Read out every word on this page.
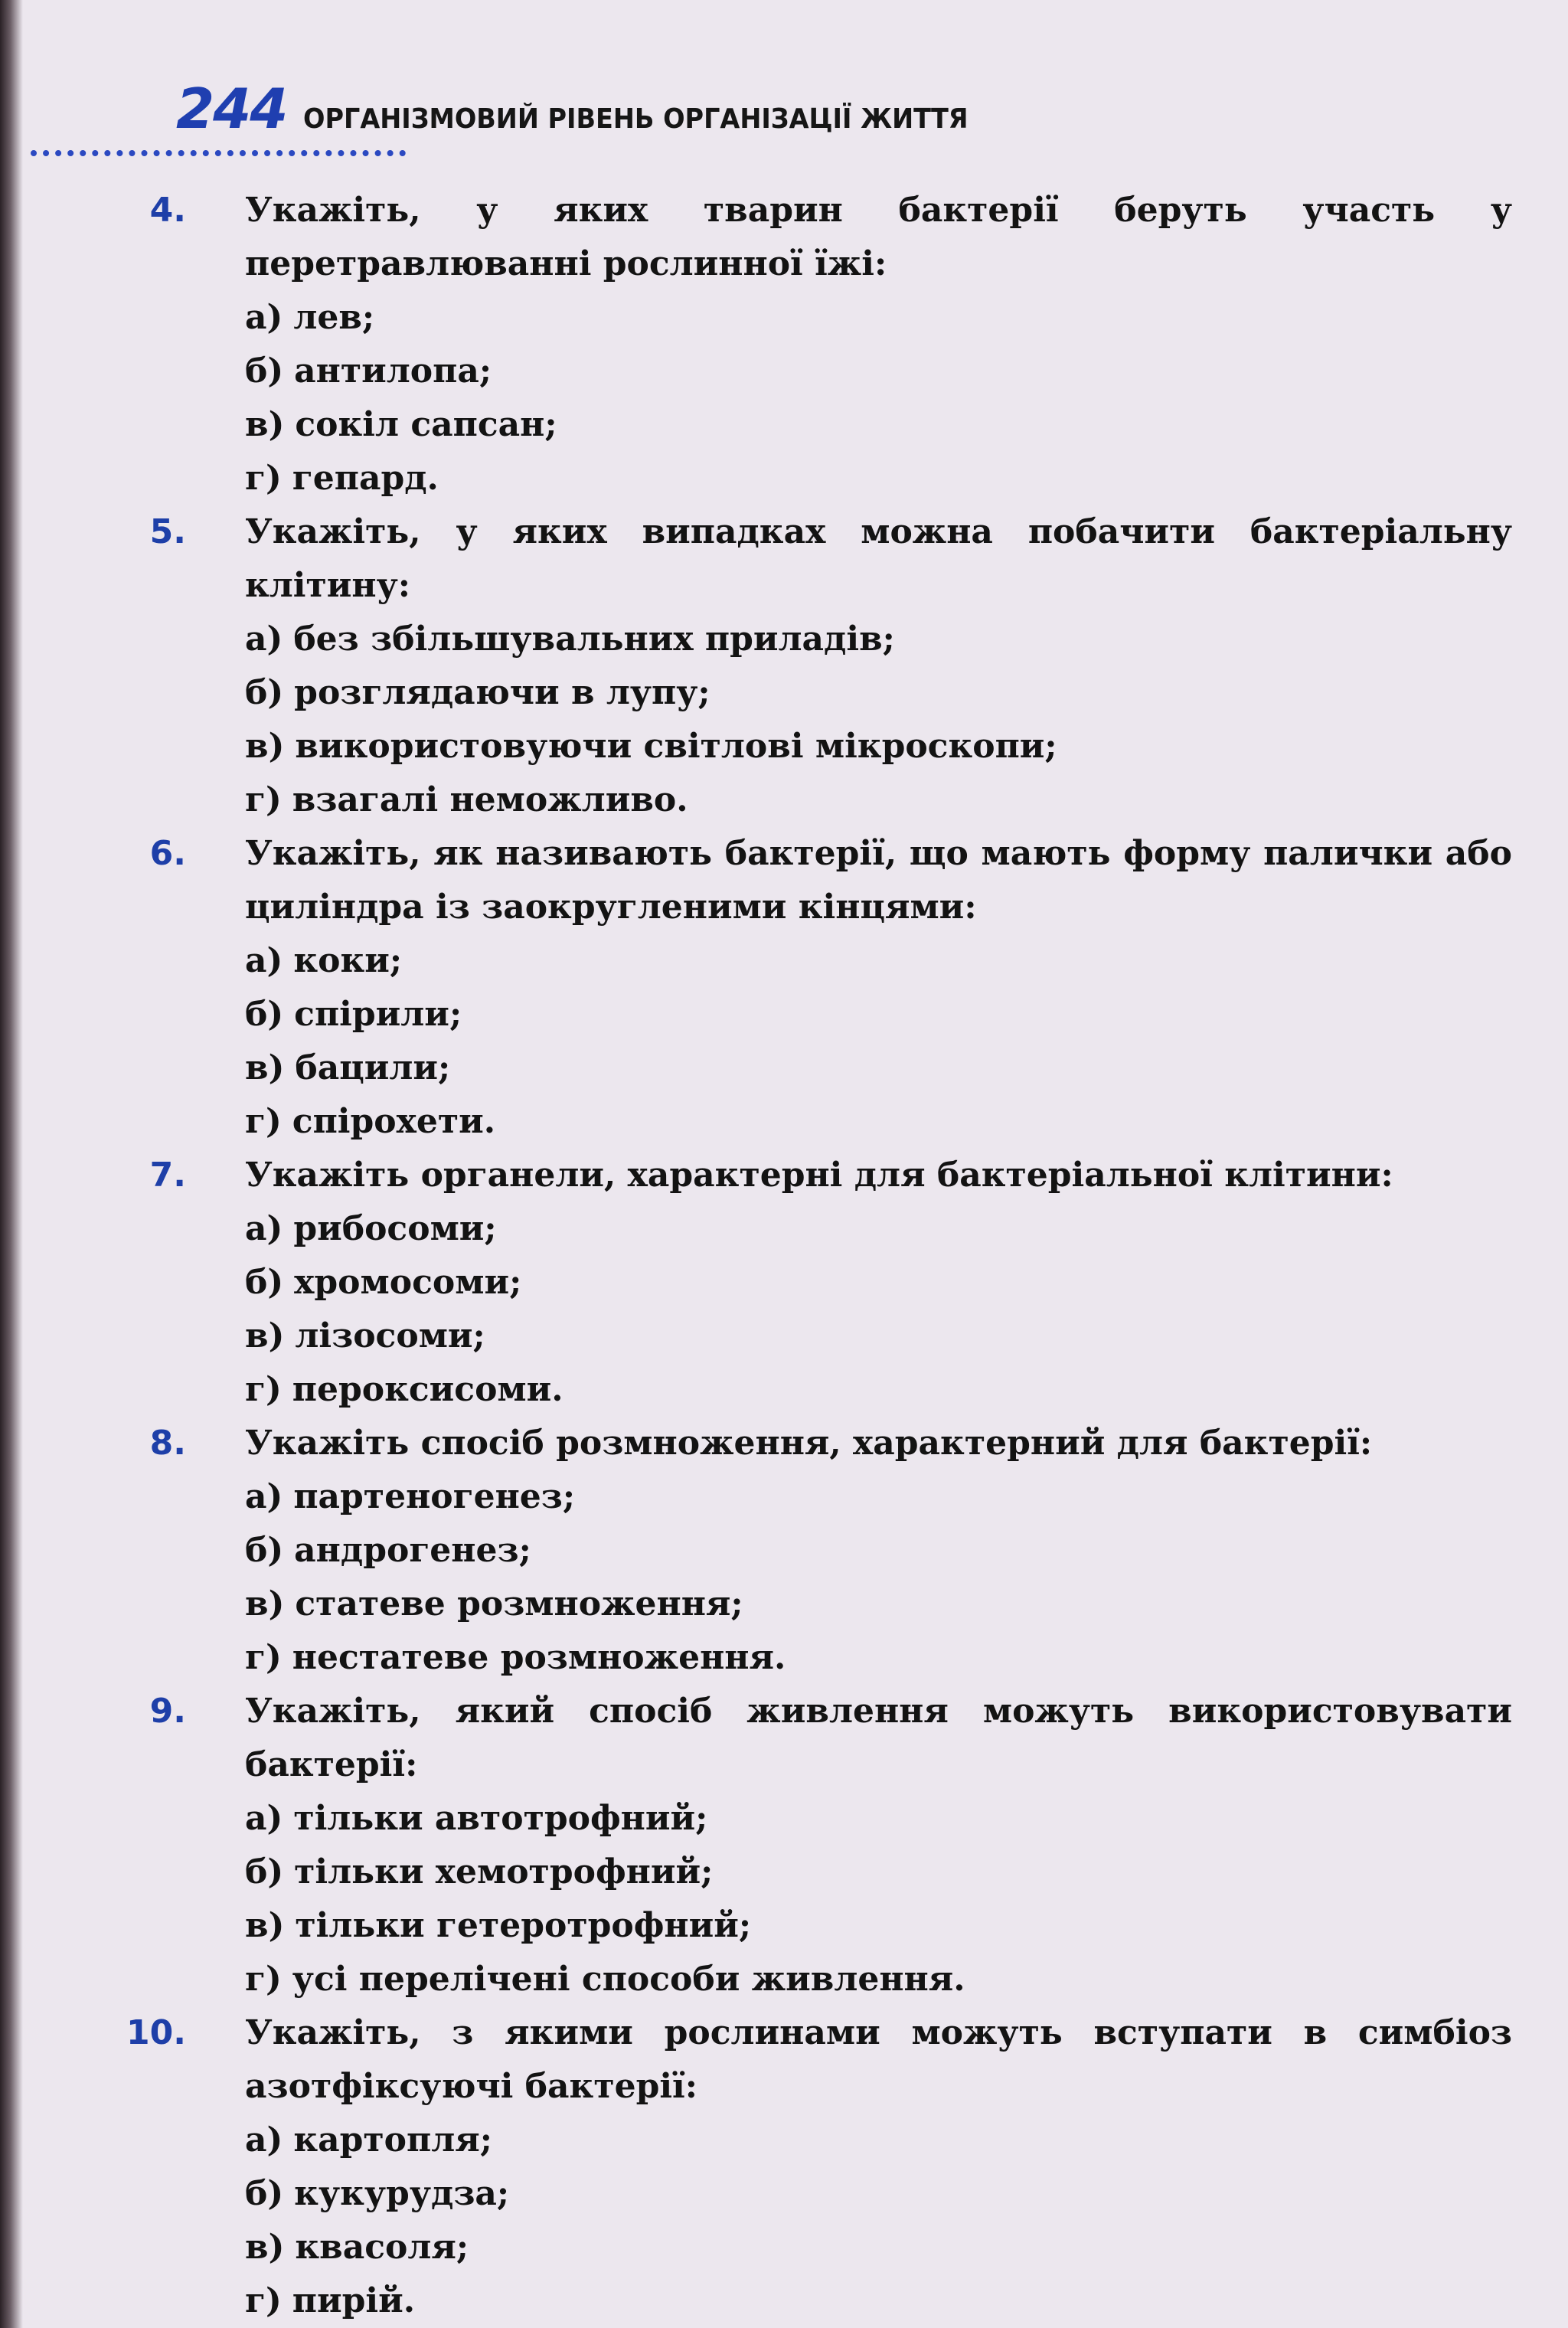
244 ОРГАНІЗМОВИЙ РІВЕНЬ ОРГАНІЗАЦІЇ ЖИТТЯ
4. Укажіть, у яких тварин бактерії беруть участь у перетравлюванні рослинної їжі:
а) лев;
б) антилопа;
в) сокіл сапсан;
г) гепард.
5. Укажіть, у яких випадках можна побачити бактеріальну клітину:
а) без збільшувальних приладів;
б) розглядаючи в лупу;
в) використовуючи світлові мікроскопи;
г) взагалі неможливо.
6. Укажіть, як називають бактерії, що мають форму палички або циліндра із заокругленими кінцями:
а) коки;
б) спірили;
в) бацили;
г) спірохети.
7. Укажіть органели, характерні для бактеріальної клітини:
а) рибосоми;
б) хромосоми;
в) лізосоми;
г) пероксисоми.
8. Укажіть спосіб розмноження, характерний для бактерії:
а) партеногенез;
б) андрогенез;
в) статеве розмноження;
г) нестатеве розмноження.
9. Укажіть, який спосіб живлення можуть використовувати бактерії:
а) тільки автотрофний;
б) тільки хемотрофний;
в) тільки гетеротрофний;
г) усі перелічені способи живлення.
10. Укажіть, з якими рослинами можуть вступати в симбіоз азотфіксуючі бактерії:
а) картопля;
б) кукурудза;
в) квасоля;
г) пирій.
